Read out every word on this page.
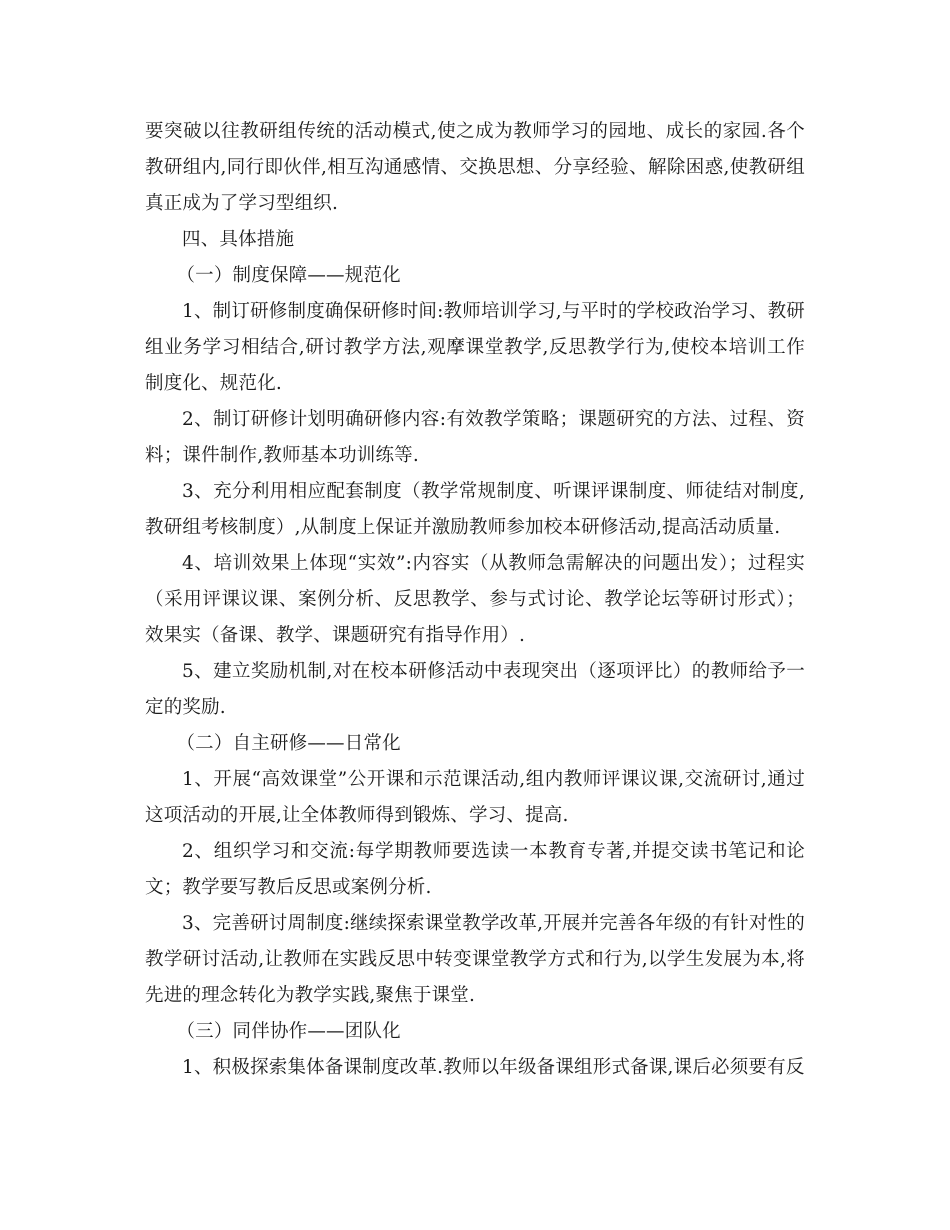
要突破以往教研组传统的活动模式,使之成为教师学习的园地、成长的家园.各个教研组内,同行即伙伴,相互沟通感情、交换思想、分享经验、解除困惑,使教研组真正成为了学习型组织.

四、具体措施

（一）制度保障——规范化

1、制订研修制度确保研修时间:教师培训学习,与平时的学校政治学习、教研组业务学习相结合,研讨教学方法,观摩课堂教学,反思教学行为,使校本培训工作制度化、规范化.

2、制订研修计划明确研修内容:有效教学策略；课题研究的方法、过程、资料；课件制作,教师基本功训练等.

3、充分利用相应配套制度（教学常规制度、听课评课制度、师徒结对制度,教研组考核制度）,从制度上保证并激励教师参加校本研修活动,提高活动质量.

4、培训效果上体现“实效”:内容实（从教师急需解决的问题出发）；过程实（采用评课议课、案例分析、反思教学、参与式讨论、教学论坛等研讨形式）；效果实（备课、教学、课题研究有指导作用）.

5、建立奖励机制,对在校本研修活动中表现突出（逐项评比）的教师给予一定的奖励.

（二）自主研修——日常化

1、开展“高效课堂”公开课和示范课活动,组内教师评课议课,交流研讨,通过这项活动的开展,让全体教师得到锻炼、学习、提高.

2、组织学习和交流:每学期教师要选读一本教育专著,并提交读书笔记和论文；教学要写教后反思或案例分析.

3、完善研讨周制度:继续探索课堂教学改革,开展并完善各年级的有针对性的教学研讨活动,让教师在实践反思中转变课堂教学方式和行为,以学生发展为本,将先进的理念转化为教学实践,聚焦于课堂.

（三）同伴协作——团队化

1、积极探索集体备课制度改革.教师以年级备课组形式备课,课后必须要有反
